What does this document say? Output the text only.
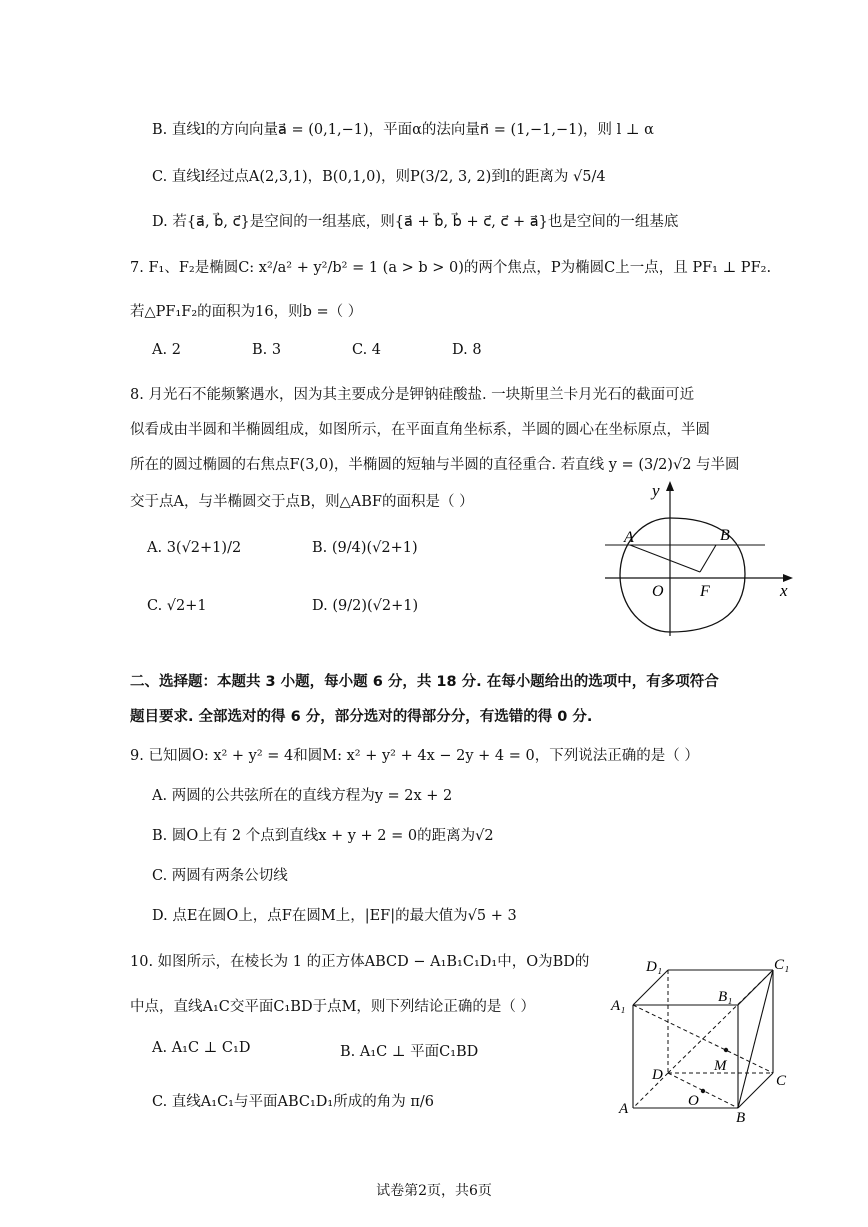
B. 直线l的方向向量a⃗ = (0,1,−1)，平面α的法向量n⃗ = (1,−1,−1)，则 l ⊥ α
C. 直线l经过点A(2,3,1)，B(0,1,0)，则P(3/2, 3, 2)到l的距离为 √5/4
D. 若{a⃗, b⃗, c⃗}是空间的一组基底，则{a⃗ + b⃗, b⃗ + c⃗, c⃗ + a⃗}也是空间的一组基底
7. F₁、F₂是椭圆C: x²/a² + y²/b² = 1 (a > b > 0)的两个焦点，P为椭圆C上一点，且 PF₁ ⊥ PF₂.
若△PF₁F₂的面积为16，则b =（ ）
A. 2	B. 3	C. 4	D. 8
8. 月光石不能频繁遇水，因为其主要成分是钾钠硅酸盐. 一块斯里兰卡月光石的截面可近
似看成由半圆和半椭圆组成，如图所示，在平面直角坐标系，半圆的圆心在坐标原点，半圆
所在的圆过椭圆的右焦点F(3,0)，半椭圆的短轴与半圆的直径重合. 若直线 y = (3/2)√2 与半圆
交于点A，与半椭圆交于点B，则△ABF的面积是（ ）
A. 3(√2+1)/2	B. (9/4)(√2+1)
C. √2+1	D. (9/2)(√2+1)
A	B
O F
y
x
二、选择题：本题共 3 小题，每小题 6 分，共 18 分. 在每小题给出的选项中，有多项符合
题目要求. 全部选对的得 6 分，部分选对的得部分分，有选错的得 0 分.
9. 已知圆O: x² + y² = 4和圆M: x² + y² + 4x − 2y + 4 = 0，下列说法正确的是（ ）
A. 两圆的公共弦所在的直线方程为y = 2x + 2
B. 圆O上有 2 个点到直线x + y + 2 = 0的距离为√2
C. 两圆有两条公切线
D. 点E在圆O上，点F在圆M上，|EF|的最大值为√5 + 3
10. 如图所示，在棱长为 1 的正方体ABCD − A₁B₁C₁D₁中，O为BD的
中点，直线A₁C交平面C₁BD于点M，则下列结论正确的是（ ）
A. A₁C ⊥ C₁D	B. A₁C ⊥ 平面C₁BD
C. 直线A₁C₁与平面ABC₁D₁所成的角为 π/6
D₁	C₁
A₁
B₁
M
D	C
O
A
B
试卷第2页，共6页
